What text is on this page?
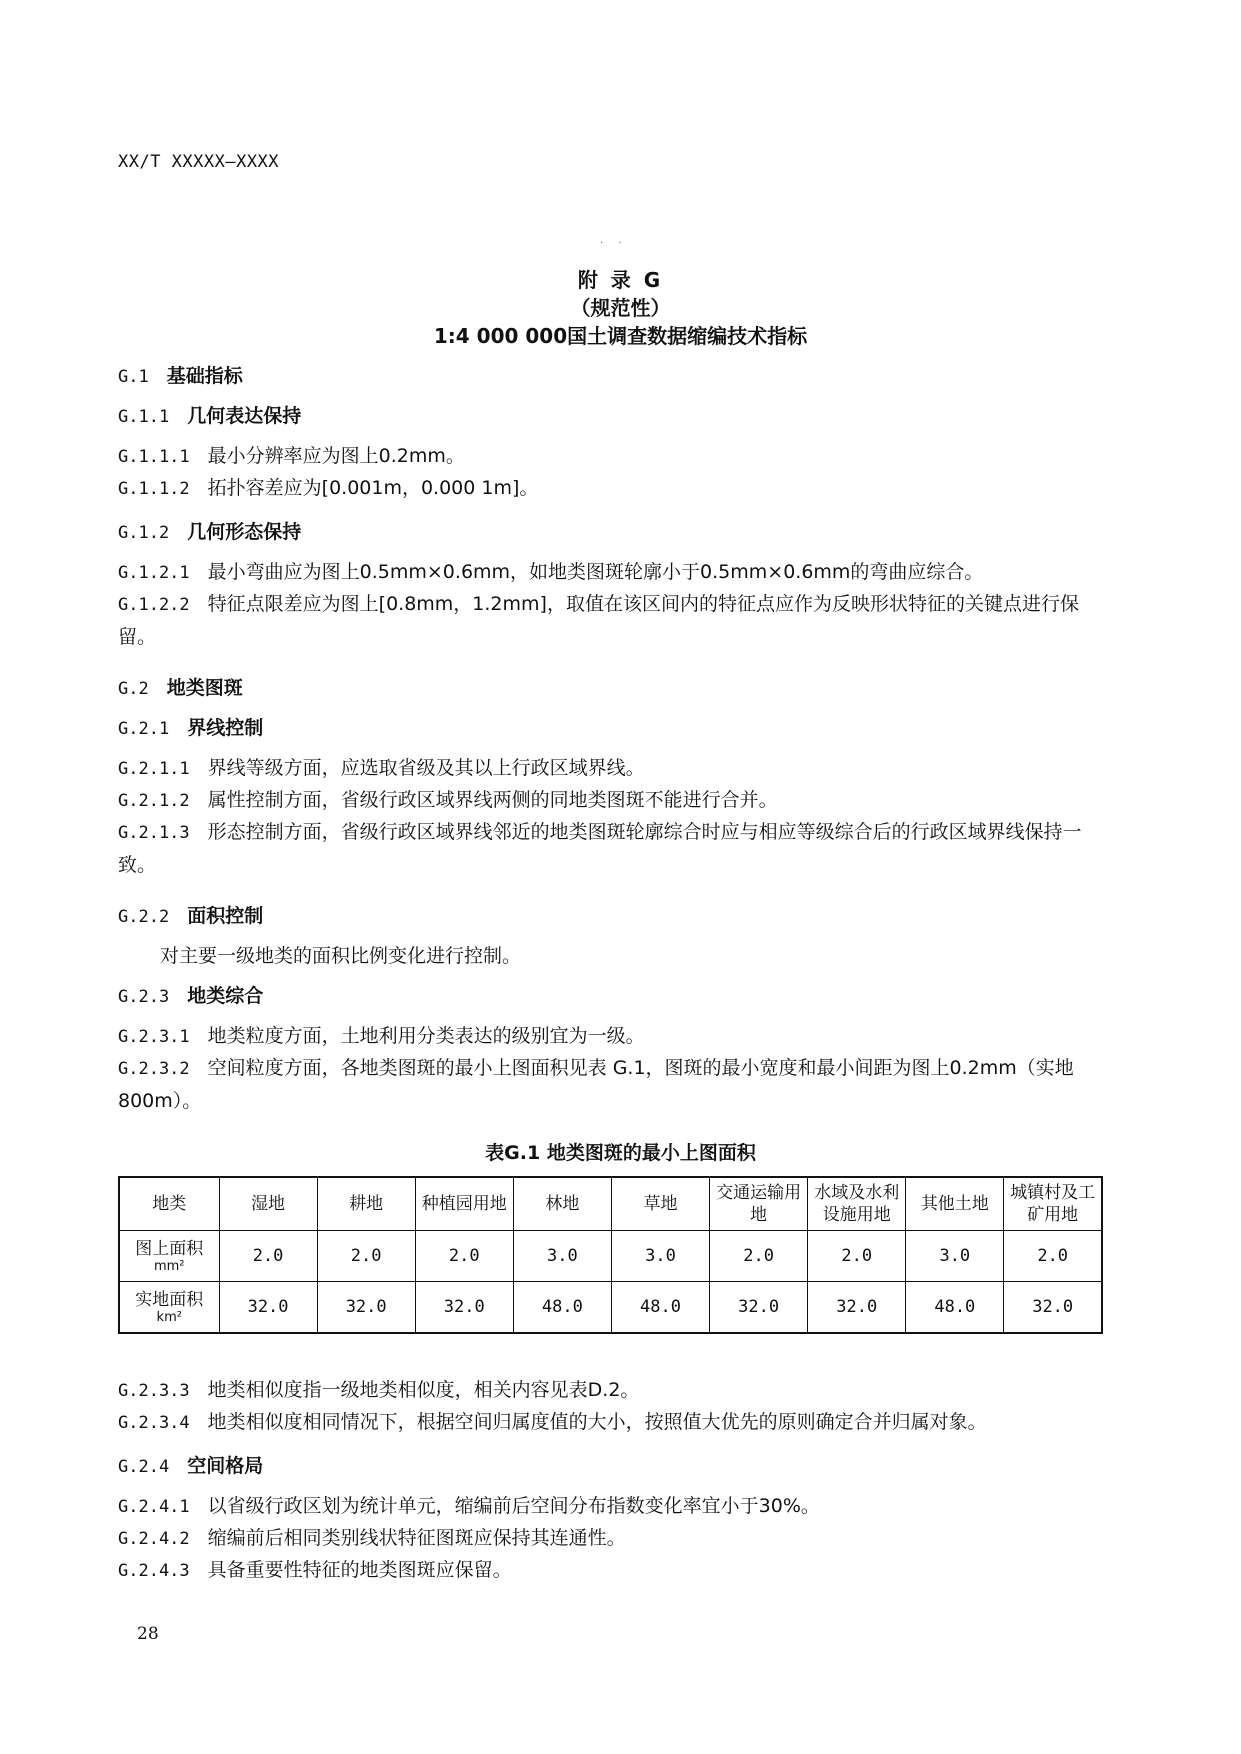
XX/T XXXXX—XXXX
· ·
附 录 G
（规范性）
1:4 000 000国土调查数据缩编技术指标
G.1 基础指标
G.1.1 几何表达保持
G.1.1.1 最小分辨率应为图上0.2mm。
G.1.1.2 拓扑容差应为[0.001m，0.000 1m]。
G.1.2 几何形态保持
G.1.2.1 最小弯曲应为图上0.5mm×0.6mm，如地类图斑轮廓小于0.5mm×0.6mm的弯曲应综合。
G.1.2.2 特征点限差应为图上[0.8mm，1.2mm]，取值在该区间内的特征点应作为反映形状特征的关键点进行保留。
G.2 地类图斑
G.2.1 界线控制
G.2.1.1 界线等级方面，应选取省级及其以上行政区域界线。
G.2.1.2 属性控制方面，省级行政区域界线两侧的同地类图斑不能进行合并。
G.2.1.3 形态控制方面，省级行政区域界线邻近的地类图斑轮廓综合时应与相应等级综合后的行政区域界线保持一致。
G.2.2 面积控制
对主要一级地类的面积比例变化进行控制。
G.2.3 地类综合
G.2.3.1 地类粒度方面，土地利用分类表达的级别宜为一级。
G.2.3.2 空间粒度方面，各地类图斑的最小上图面积见表 G.1，图斑的最小宽度和最小间距为图上0.2mm（实地800m）。
表G.1 地类图斑的最小上图面积
地类	湿地	耕地	种植园用地	林地	草地	交通运输用地	水域及水利设施用地	其他土地	城镇村及工矿用地
图上面积
mm²	2.0	2.0	2.0	3.0	3.0	2.0	2.0	3.0	2.0
实地面积
km²	32.0	32.0	32.0	48.0	48.0	32.0	32.0	48.0	32.0
G.2.3.3 地类相似度指一级地类相似度，相关内容见表D.2。
G.2.3.4 地类相似度相同情况下，根据空间归属度值的大小，按照值大优先的原则确定合并归属对象。
G.2.4 空间格局
G.2.4.1 以省级行政区划为统计单元，缩编前后空间分布指数变化率宜小于30%。
G.2.4.2 缩编前后相同类别线状特征图斑应保持其连通性。
G.2.4.3 具备重要性特征的地类图斑应保留。
28
